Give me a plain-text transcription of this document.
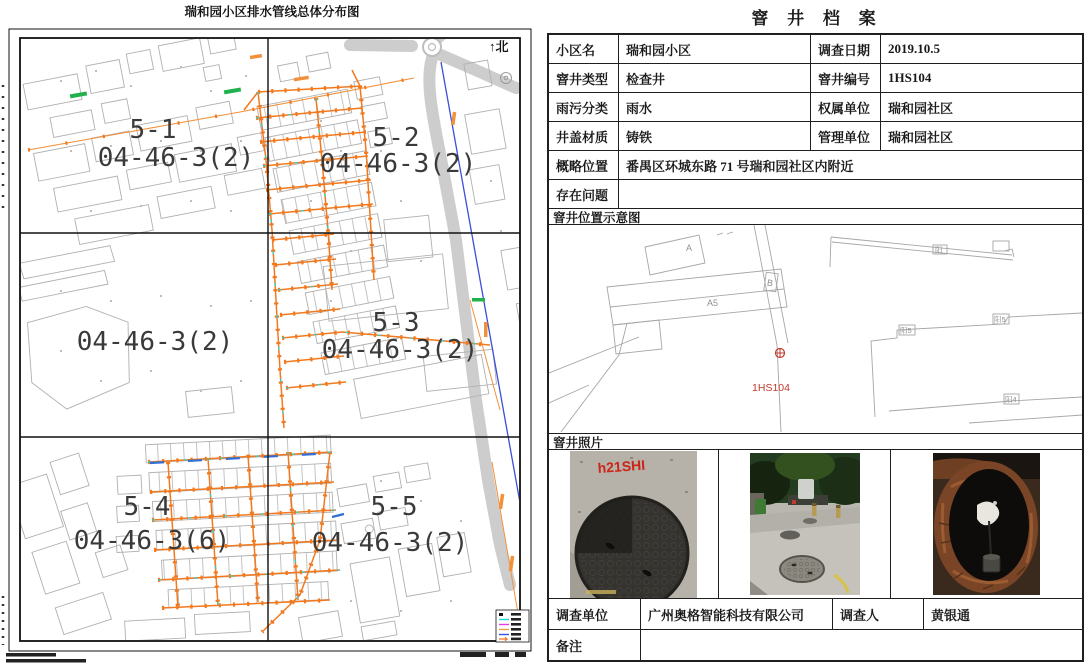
瑞和园小区排水管线总体分布图
5-1
04-46-3(2)
5-2
04-46-3(2)
04-46-3(2)
5-3
04-46-3(2)
5-4
04-46-3(6)
5-5
04-46-3(2)
↑北
窨 井 档 案
小区名	瑞和园小区	调查日期	2019.10.5
窨井类型	检查井	窨井编号	1HS104
雨污分类	雨水	权属单位	瑞和园社区
井盖材质	铸铁	管理单位	瑞和园社区
概略位置	番禺区环城东路 71 号瑞和园社区内附近
存在问题
窨井位置示意图
A
A5
B
阳
阳5
阳5
阳4
1HS104
窨井照片
h21SHI
调查单位	广州奥格智能科技有限公司	调查人	黄银通
备注
